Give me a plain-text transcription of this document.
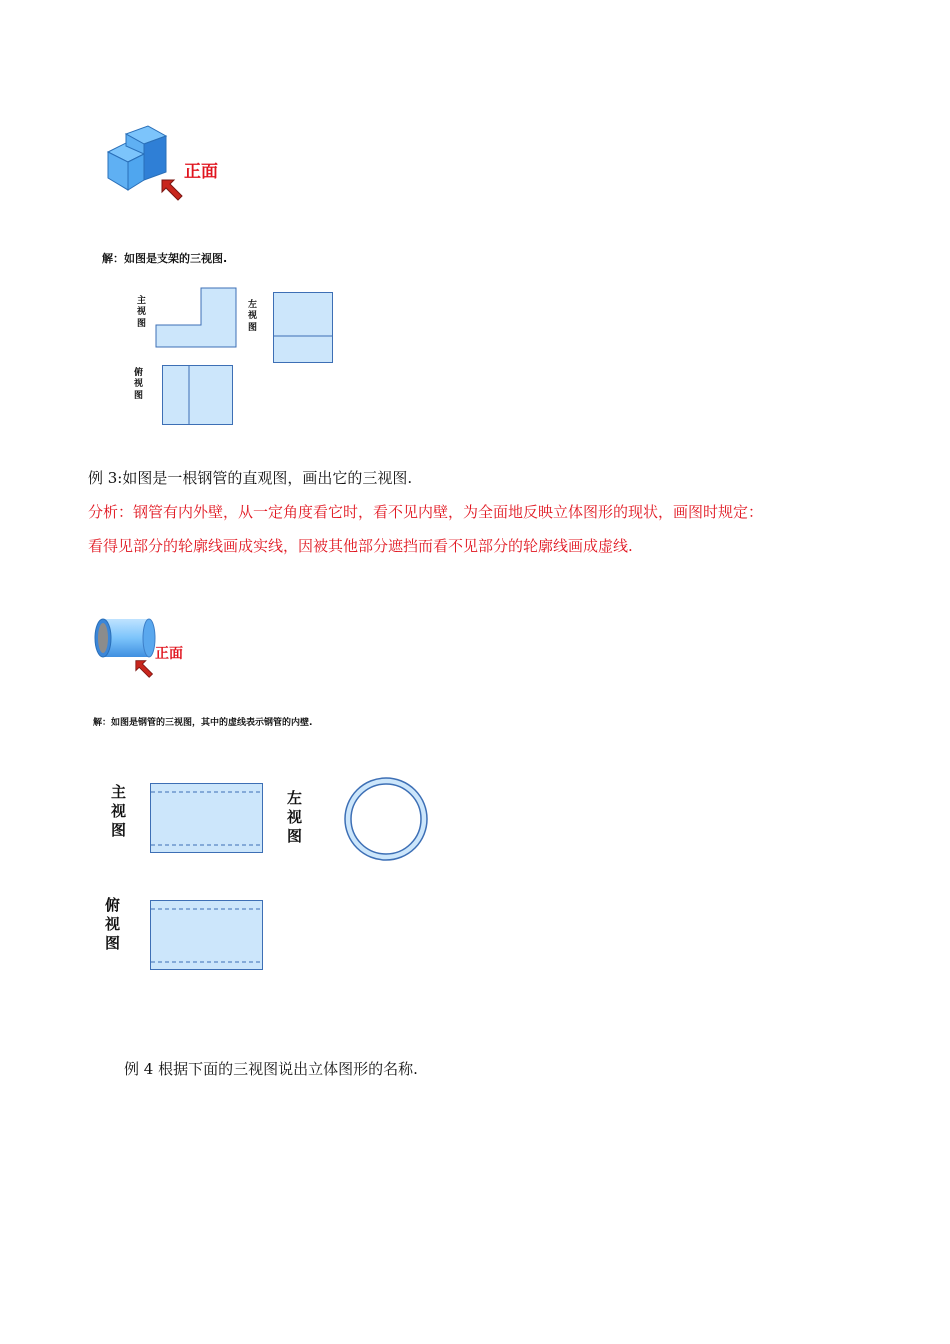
正面
解：如图是支架的三视图.
主
视
图
左
视
图
俯
视
图
例 3:如图是一根钢管的直观图，画出它的三视图.
分析：钢管有内外壁，从一定角度看它时，看不见内壁，为全面地反映立体图形的现状，画图时规定：
看得见部分的轮廓线画成实线，因被其他部分遮挡而看不见部分的轮廓线画成虚线.
正面
解：如图是钢管的三视图，其中的虚线表示钢管的内壁.
主
视
图
左
视
图
俯
视
图
例 4 根据下面的三视图说出立体图形的名称.
